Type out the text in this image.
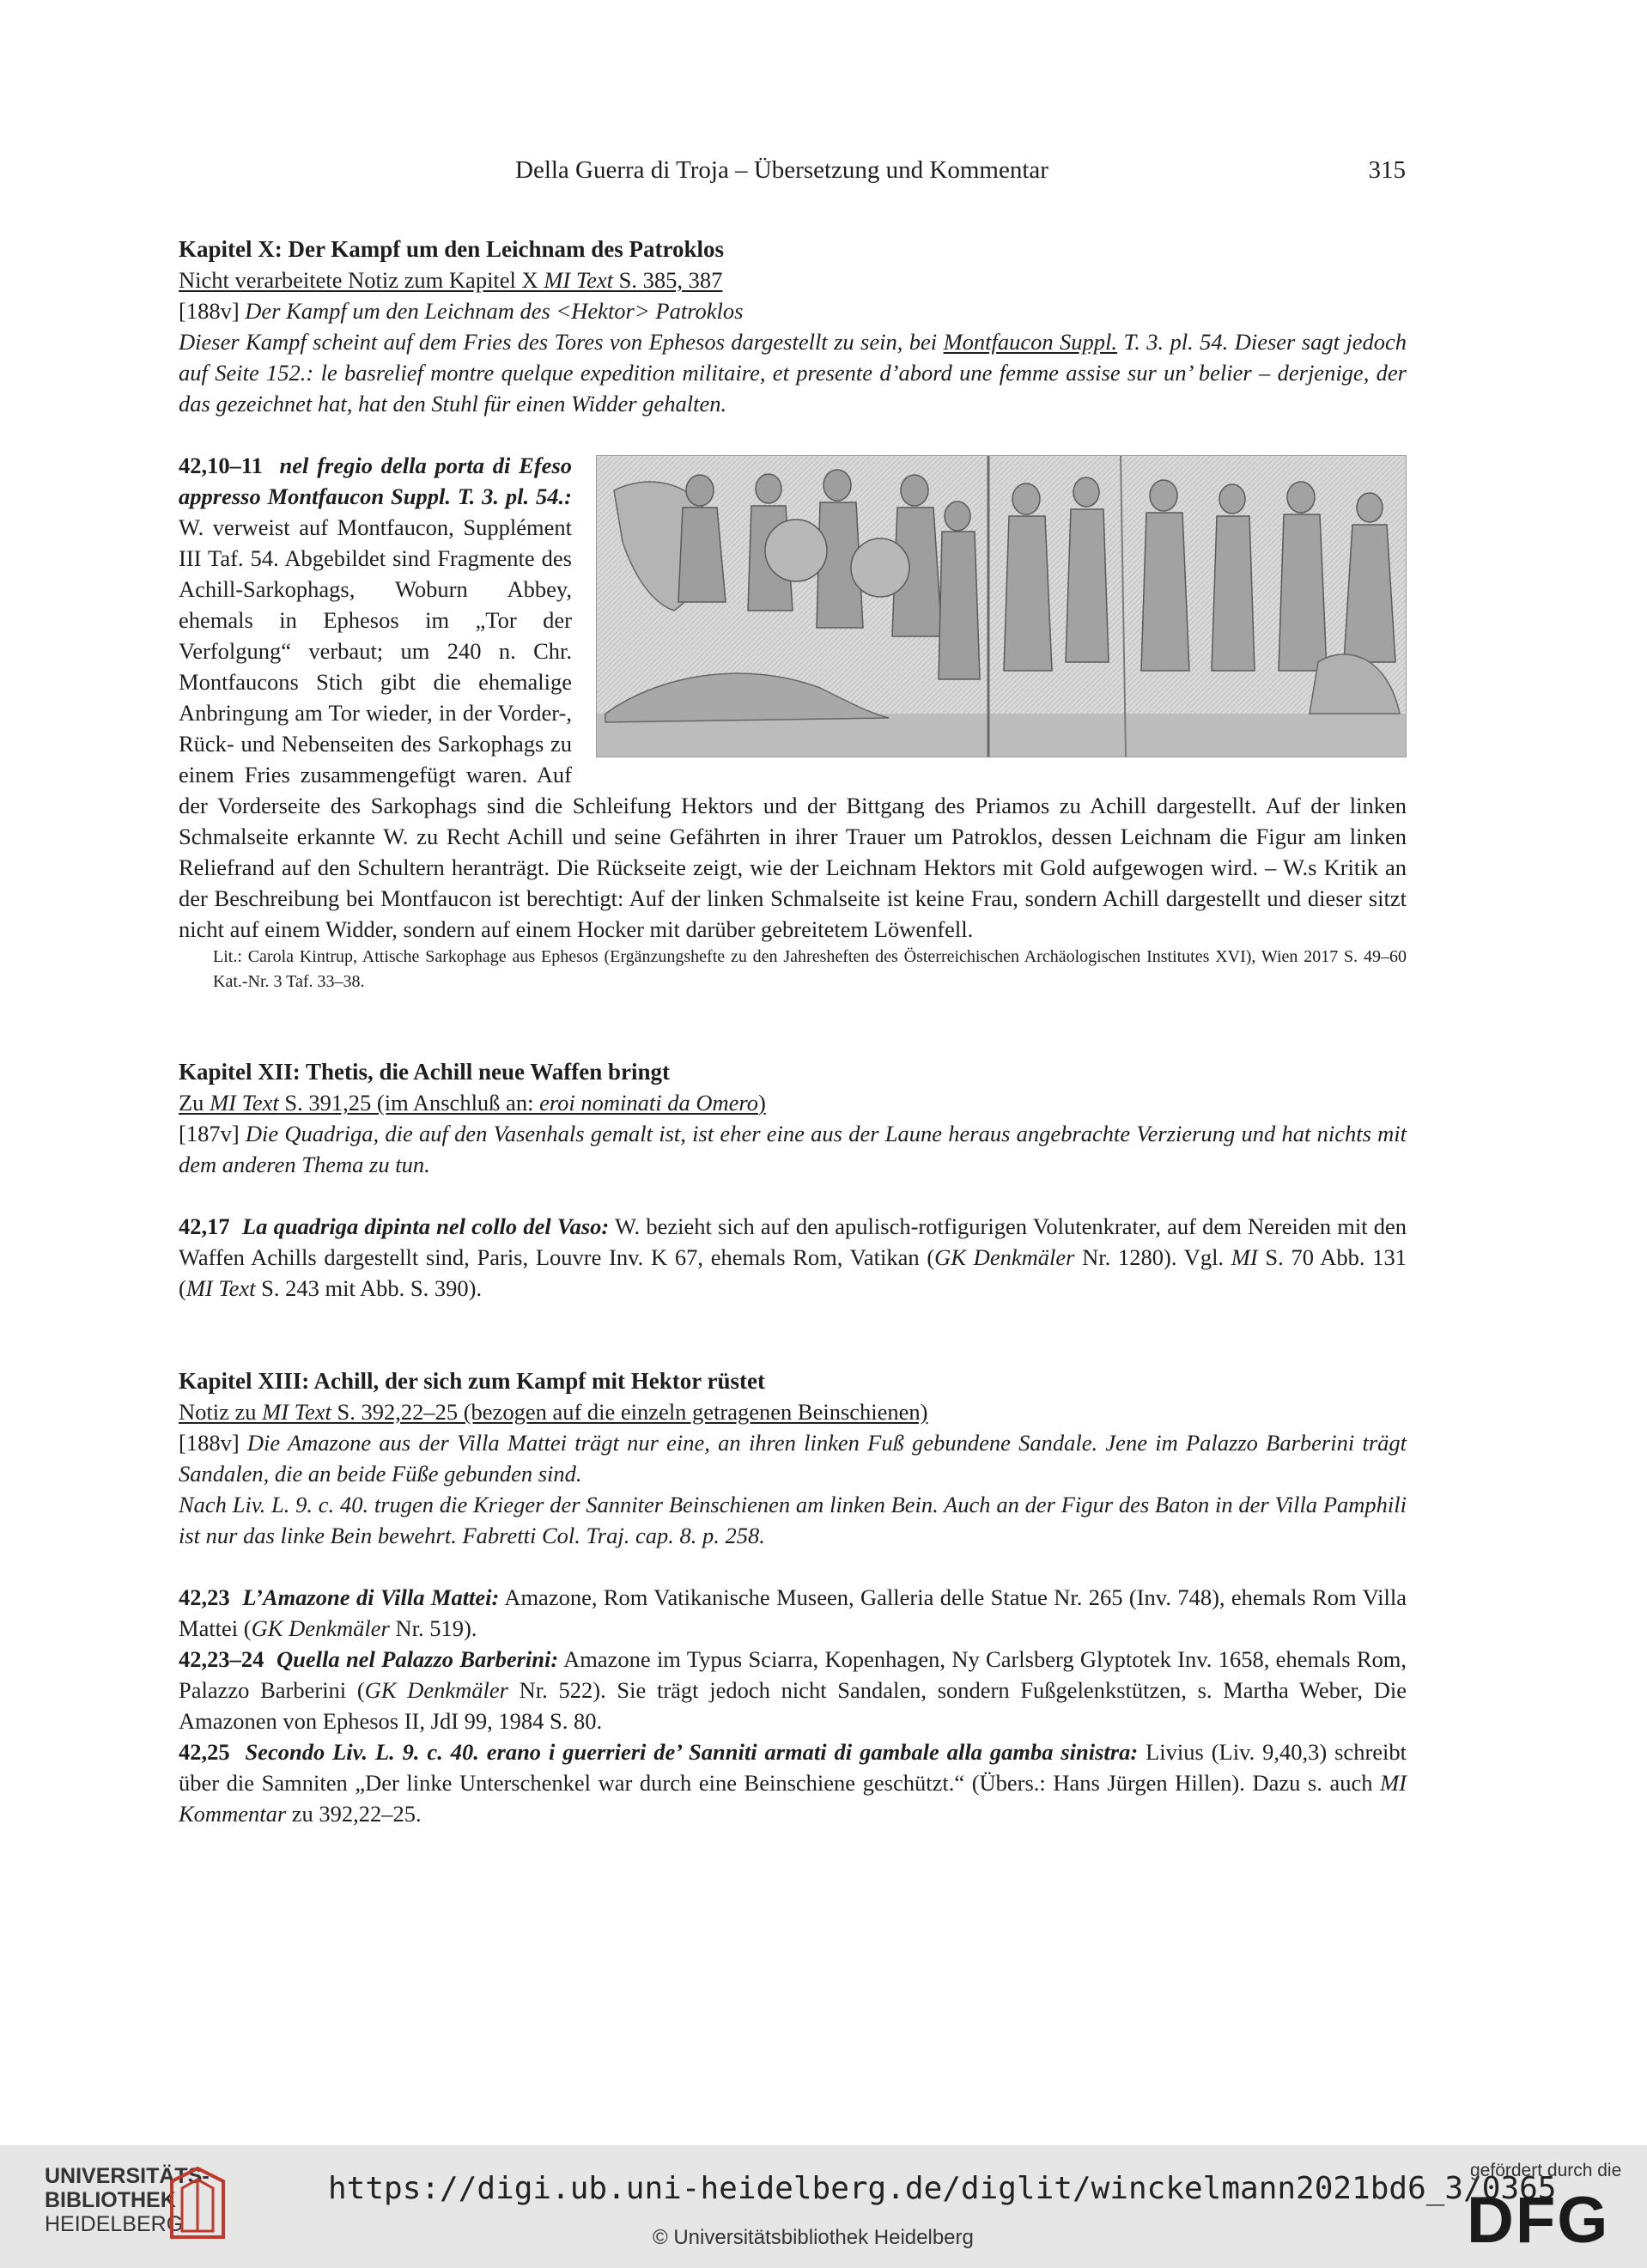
Della Guerra di Troja – Übersetzung und Kommentar	315
Kapitel X: Der Kampf um den Leichnam des Patroklos

Nicht verarbeitete Notiz zum Kapitel X MI Text S. 385, 387

[188v] Der Kampf um den Leichnam des <Hektor> Patroklos

Dieser Kampf scheint auf dem Fries des Tores von Ephesos dargestellt zu sein, bei Montfaucon Suppl. T. 3. pl. 54. Dieser sagt jedoch auf Seite 152.: le basrelief montre quelque expedition militaire, et presente d’abord une femme assise sur un’ belier – derjenige, der das gezeichnet hat, hat den Stuhl für einen Widder gehalten.

42,10–11 nel fregio della porta di Efeso appresso Montfaucon Suppl. T. 3. pl. 54.: W. verweist auf Montfaucon, Supplément III Taf. 54. Abgebildet sind Fragmente des Achill-Sarkophags, Woburn Abbey, ehemals in Ephesos im „Tor der Verfolgung“ verbaut; um 240 n. Chr. Montfaucons Stich gibt die ehemalige Anbringung am Tor wieder, in der Vorder-, Rück- und Nebenseiten des Sarkophags zu einem Fries zusammengefügt waren. Auf der Vorderseite des Sarkophags sind die Schleifung Hektors und der Bittgang des Priamos zu Achill dargestellt. Auf der linken Schmalseite erkannte W. zu Recht Achill und seine Gefährten in ihrer Trauer um Patroklos, dessen Leichnam die Figur am linken Reliefrand auf den Schultern heranträgt. Die Rückseite zeigt, wie der Leichnam Hektors mit Gold aufgewogen wird. – W.s Kritik an der Beschreibung bei Montfaucon ist berechtigt: Auf der linken Schmalseite ist keine Frau, sondern Achill dargestellt und dieser sitzt nicht auf einem Widder, sondern auf einem Hocker mit darüber gebreitetem Löwenfell.

Lit.: Carola Kintrup, Attische Sarkophage aus Ephesos (Ergänzungshefte zu den Jahresheften des Österreichischen Archäologischen Institutes XVI), Wien 2017 S. 49–60 Kat.-Nr. 3 Taf. 33–38.

Kapitel XII: Thetis, die Achill neue Waffen bringt

Zu MI Text S. 391,25 (im Anschluß an: eroi nominati da Omero)

[187v] Die Quadriga, die auf den Vasenhals gemalt ist, ist eher eine aus der Laune heraus angebrachte Verzierung und hat nichts mit dem anderen Thema zu tun.

42,17 La quadriga dipinta nel collo del Vaso: W. bezieht sich auf den apulisch-rotfigurigen Volutenkrater, auf dem Nereiden mit den Waffen Achills dargestellt sind, Paris, Louvre Inv. K 67, ehemals Rom, Vatikan (GK Denkmäler Nr. 1280). Vgl. MI S. 70 Abb. 131 (MI Text S. 243 mit Abb. S. 390).

Kapitel XIII: Achill, der sich zum Kampf mit Hektor rüstet

Notiz zu MI Text S. 392,22–25 (bezogen auf die einzeln getragenen Beinschienen)

[188v] Die Amazone aus der Villa Mattei trägt nur eine, an ihren linken Fuß gebundene Sandale. Jene im Palazzo Barberini trägt Sandalen, die an beide Füße gebunden sind.

Nach Liv. L. 9. c. 40. trugen die Krieger der Sanniter Beinschienen am linken Bein. Auch an der Figur des Baton in der Villa Pamphili ist nur das linke Bein bewehrt. Fabretti Col. Traj. cap. 8. p. 258.

42,23 L’Amazone di Villa Mattei: Amazone, Rom Vatikanische Museen, Galleria delle Statue Nr. 265 (Inv. 748), ehemals Rom Villa Mattei (GK Denkmäler Nr. 519).

42,23–24 Quella nel Palazzo Barberini: Amazone im Typus Sciarra, Kopenhagen, Ny Carlsberg Glyptotek Inv. 1658, ehemals Rom, Palazzo Barberini (GK Denkmäler Nr. 522). Sie trägt jedoch nicht Sandalen, sondern Fußgelenkstützen, s. Martha Weber, Die Amazonen von Ephesos II, JdI 99, 1984 S. 80.

42,25 Secondo Liv. L. 9. c. 40. erano i guerrieri de’ Sanniti armati di gambale alla gamba sinistra: Livius (Liv. 9,40,3) schreibt über die Samniten „Der linke Unterschenkel war durch eine Beinschiene geschützt.“ (Übers.: Hans Jürgen Hillen). Dazu s. auch MI Kommentar zu 392,22–25.

UNIVERSITÄTS-
BIBLIOTHEK
HEIDELBERG
https://digi.ub.uni-heidelberg.de/diglit/winckelmann2021bd6_3/0365
© Universitätsbibliothek Heidelberg
gefördert durch die
DFG
